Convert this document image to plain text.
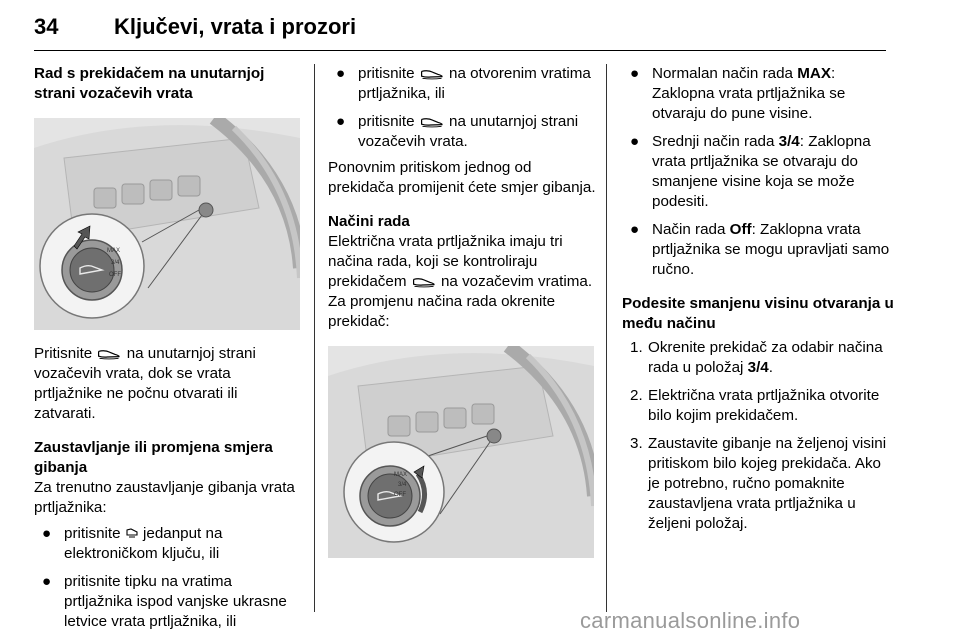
34	Ključevi, vrata i prozori
Rad s prekidačem na unutarnjoj strani vozačevih vrata
MAX
3/4
OFF
Pritisnite  na unutarnjoj strani vozačevih vrata, dok se vrata prtljažnike ne počnu otvarati ili zatvarati.
Zaustavljanje ili promjena smjera gibanja
Za trenutno zaustavljanje gibanja vrata prtljažnika:
● pritisnite  jedanput na elektroničkom ključu, ili
● pritisnite tipku na vratima prtljažnika ispod vanjske ukrasne letvice vrata prtljažnika, ili
● pritisnite  na otvorenim vratima prtljažnika, ili
● pritisnite  na unutarnjoj strani vozačevih vrata.
Ponovnim pritiskom jednog od prekidača promijenit ćete smjer gibanja.
Načini rada
Električna vrata prtljažnika imaju tri načina rada, koji se kontroliraju prekidačem  na vozačevim vratima. Za promjenu načina rada okrenite prekidač:
MAX
3/4
OFF
● Normalan način rada MAX: Zaklopna vrata prtljažnika se otvaraju do pune visine.
● Srednji način rada 3/4: Zaklopna vrata prtljažnika se otvaraju do smanjene visine koja se može podesiti.
● Način rada Off: Zaklopna vrata prtljažnika se mogu upravljati samo ručno.
Podesite smanjenu visinu otvaranja u među načinu
1. Okrenite prekidač za odabir načina rada u položaj 3/4.
2. Električna vrata prtljažnika otvorite bilo kojim prekidačem.
3. Zaustavite gibanje na željenoj visini pritiskom bilo kojeg prekidača. Ako je potrebno, ručno pomaknite zaustavljena vrata prtljažnika u željeni položaj.
carmanualsonline.info
